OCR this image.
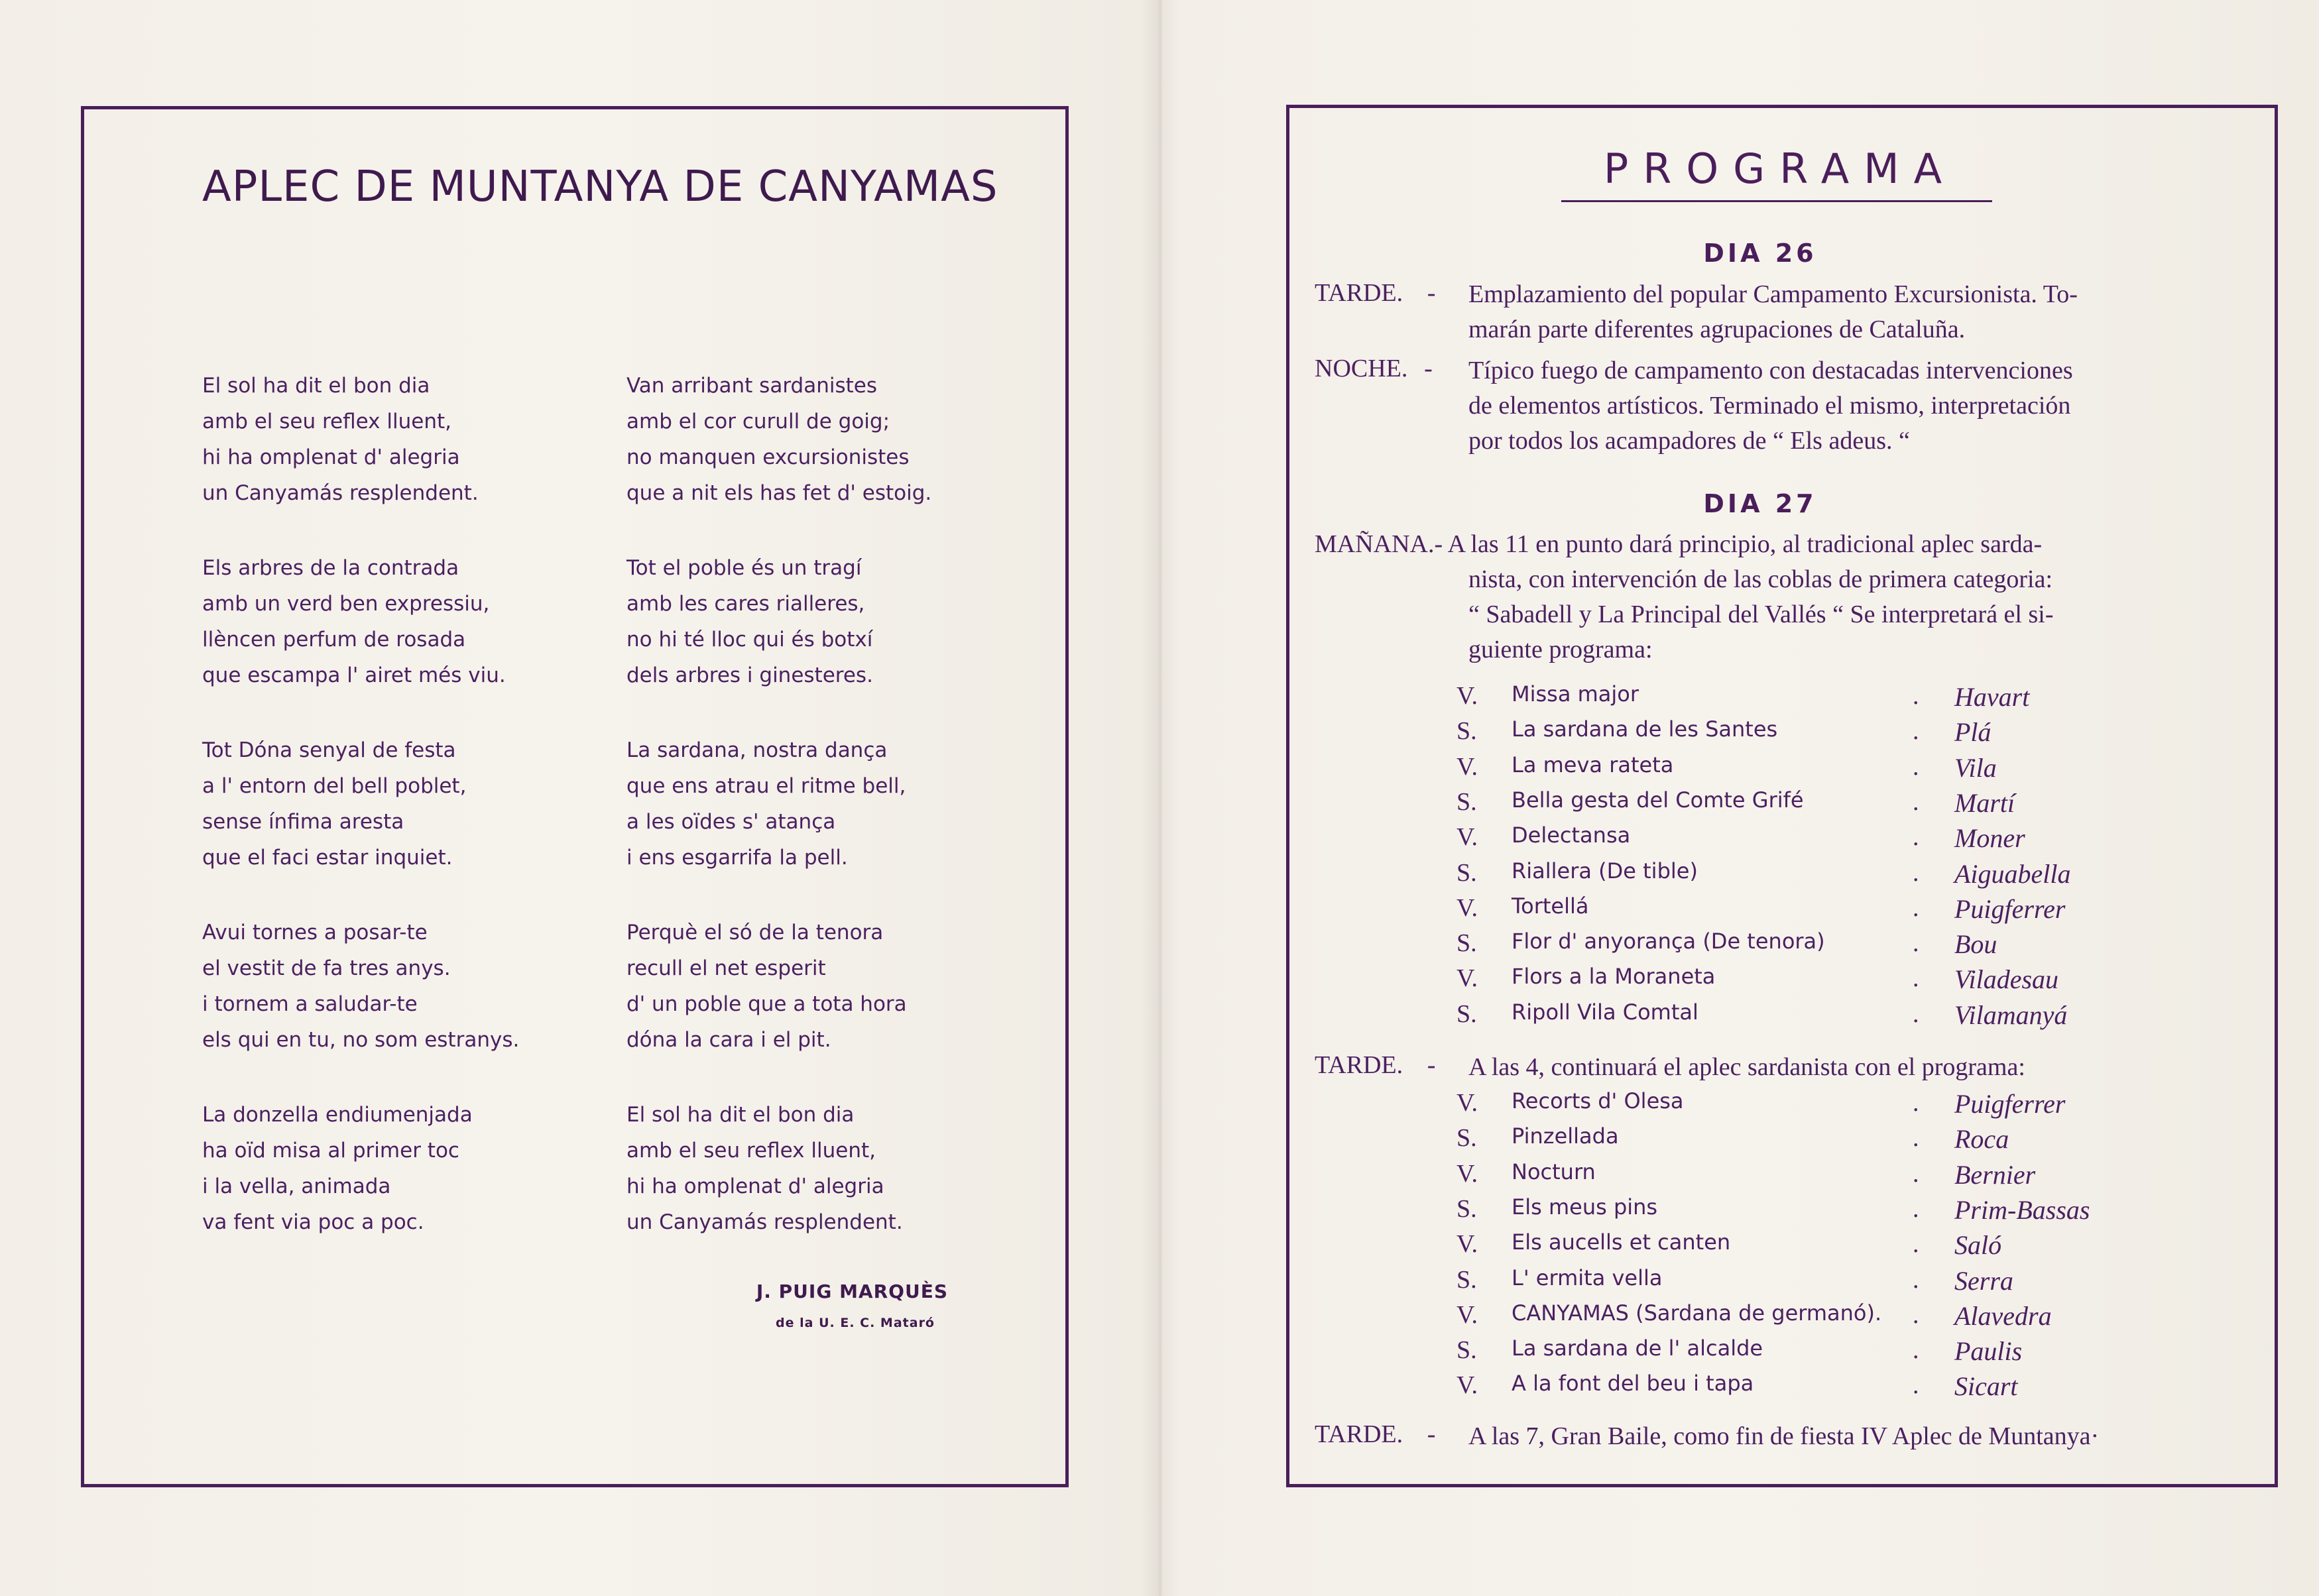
APLEC DE MUNTANYA DE CANYAMAS
El sol ha dit el bon dia
amb el seu reflex lluent,
hi ha omplenat d' alegria
un Canyamás resplendent.
Els arbres de la contrada
amb un verd ben expressiu,
llèncen perfum de rosada
que escampa l' airet més viu.
Tot Dóna senyal de festa
a l' entorn del bell poblet,
sense ínfima aresta
que el faci estar inquiet.
Avui tornes a posar-te
el vestit de fa tres anys.
i tornem a saludar-te
els qui en tu, no som estranys.
La donzella endiumenjada
ha oïd misa al primer toc
i la vella, animada
va fent via poc a poc.
Van arribant sardanistes
amb el cor curull de goig;
no manquen excursionistes
que a nit els has fet d' estoig.
Tot el poble és un tragí
amb les cares rialleres,
no hi té lloc qui és botxí
dels arbres i ginesteres.
La sardana, nostra dança
que ens atrau el ritme bell,
a les oïdes s' atança
i ens esgarrifa la pell.
Perquè el só de la tenora
recull el net esperit
d' un poble que a tota hora
dóna la cara i el pit.
El sol ha dit el bon dia
amb el seu reflex lluent,
hi ha omplenat d' alegria
un Canyamás resplendent.
J. PUIG MARQUÈS
de la U. E. C. Mataró
PROGRAMA
DIA 26
TARDE. -	Emplazamiento del popular Campamento Excursionista. To-
marán parte diferentes agrupaciones de Cataluña.
NOCHE. -	Típico fuego de campamento con destacadas intervenciones
de elementos artísticos. Terminado el mismo, interpretación
por todos los acampadores de “ Els adeus. “
DIA 27
MAÑANA.- A las 11 en punto dará principio, al tradicional aplec sarda-
nista, con intervención de las coblas de primera categoria:
“ Sabadell y La Principal del Vallés “ Se interpretará el si-
guiente programa:
V. Missa major	. Havart
S. La sardana de les Santes	. Plá
V. La meva rateta	. Vila
S. Bella gesta del Comte Grifé	. Martí
V. Delectansa	. Moner
S. Riallera (De tible)	. Aiguabella
V. Tortellá	. Puigferrer
S. Flor d' anyorança (De tenora)	. Bou
V. Flors a la Moraneta	. Viladesau
S. Ripoll Vila Comtal	. Vilamanyá
TARDE. -	A las 4, continuará el aplec sardanista con el programa:
V. Recorts d' Olesa	. Puigferrer
S. Pinzellada	. Roca
V. Nocturn	. Bernier
S. Els meus pins	. Prim-Bassas
V. Els aucells et canten	. Saló
S. L' ermita vella	. Serra
V. CANYAMAS (Sardana de germanó). . Alavedra
S. La sardana de l' alcalde	. Paulis
V. A la font del beu i tapa	. Sicart
TARDE. -	A las 7, Gran Baile, como fin de fiesta IV Aplec de Muntanya·
